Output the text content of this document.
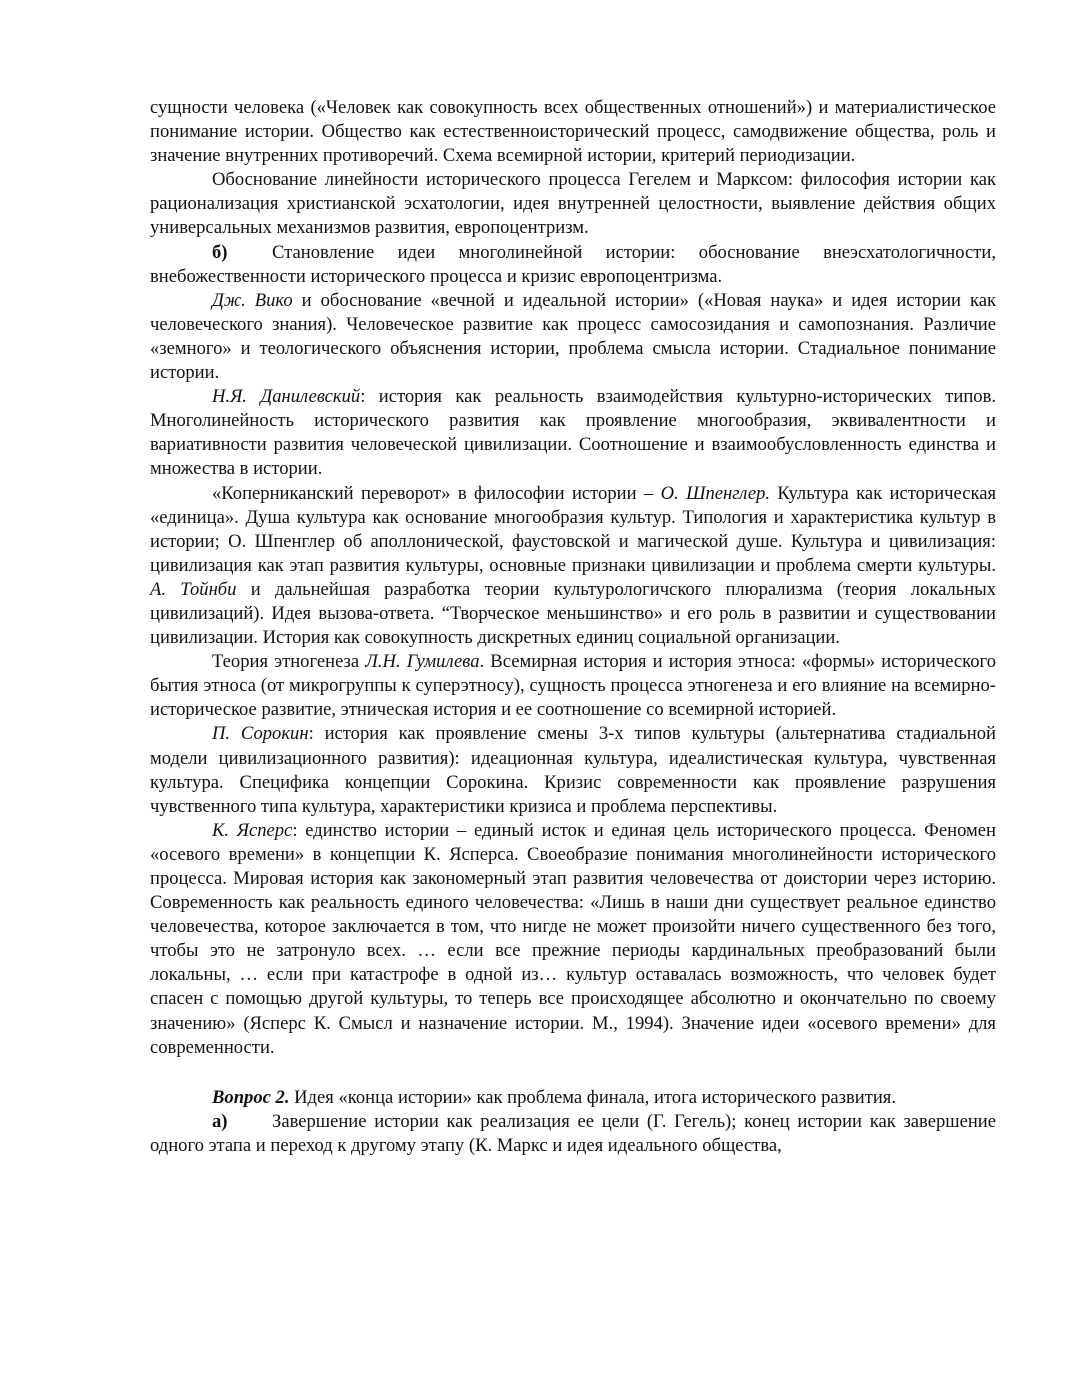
сущности человека («Человек как совокупность всех общественных отношений») и материалистическое понимание истории. Общество как естественноисторический процесс, самодвижение общества, роль и значение внутренних противоречий. Схема всемирной истории, критерий периодизации.

Обоснование линейности исторического процесса Гегелем и Марксом: философия истории как рационализация христианской эсхатологии, идея внутренней целостности, выявление действия общих универсальных механизмов развития, европоцентризм.

б) Становление идеи многолинейной истории: обоснование внеэсхатологичности, внебожественности исторического процесса и кризис европоцентризма.

Дж. Вико и обоснование «вечной и идеальной истории» («Новая наука» и идея истории как человеческого знания). Человеческое развитие как процесс самосозидания и самопознания. Различие «земного» и теологического объяснения истории, проблема смысла истории. Стадиальное понимание истории.

Н.Я. Данилевский: история как реальность взаимодействия культурно-исторических типов. Многолинейность исторического развития как проявление многообразия, эквивалентности и вариативности развития человеческой цивилизации. Соотношение и взаимообусловленность единства и множества в истории.

«Коперниканский переворот» в философии истории – О. Шпенглер. Культура как историческая «единица». Душа культура как основание многообразия культур. Типология и характеристика культур в истории; О. Шпенглер об аполлонической, фаустовской и магической душе. Культура и цивилизация: цивилизация как этап развития культуры, основные признаки цивилизации и проблема смерти культуры. А. Тойнби и дальнейшая разработка теории культурологичского плюрализма (теория локальных цивилизаций). Идея вызова-ответа. “Творческое меньшинство» и его роль в развитии и существовании цивилизации. История как совокупность дискретных единиц социальной организации.

Теория этногенеза Л.Н. Гумилева. Всемирная история и история этноса: «формы» исторического бытия этноса (от микрогруппы к суперэтносу), сущность процесса этногенеза и его влияние на всемирно-историческое развитие, этническая история и ее соотношение со всемирной историей.

П. Сорокин: история как проявление смены 3-х типов культуры (альтернатива стадиальной модели цивилизационного развития): идеационная культура, идеалистическая культура, чувственная культура. Специфика концепции Сорокина. Кризис современности как проявление разрушения чувственного типа культура, характеристики кризиса и проблема перспективы.

К. Ясперс: единство истории – единый исток и единая цель исторического процесса. Феномен «осевого времени» в концепции К. Ясперса. Своеобразие понимания многолинейности исторического процесса. Мировая история как закономерный этап развития человечества от доистории через историю. Современность как реальность единого человечества: «Лишь в наши дни существует реальное единство человечества, которое заключается в том, что нигде не может произойти ничего существенного без того, чтобы это не затронуло всех. … если все прежние периоды кардинальных преобразований были локальны, … если при катастрофе в одной из… культур оставалась возможность, что человек будет спасен с помощью другой культуры, то теперь все происходящее абсолютно и окончательно по своему значению» (Ясперс К. Смысл и назначение истории. М., 1994). Значение идеи «осевого времени» для современности.

Вопрос 2. Идея «конца истории» как проблема финала, итога исторического развития.

а) Завершение истории как реализация ее цели (Г. Гегель); конец истории как завершение одного этапа и переход к другому этапу (К. Маркс и идея идеального общества,
